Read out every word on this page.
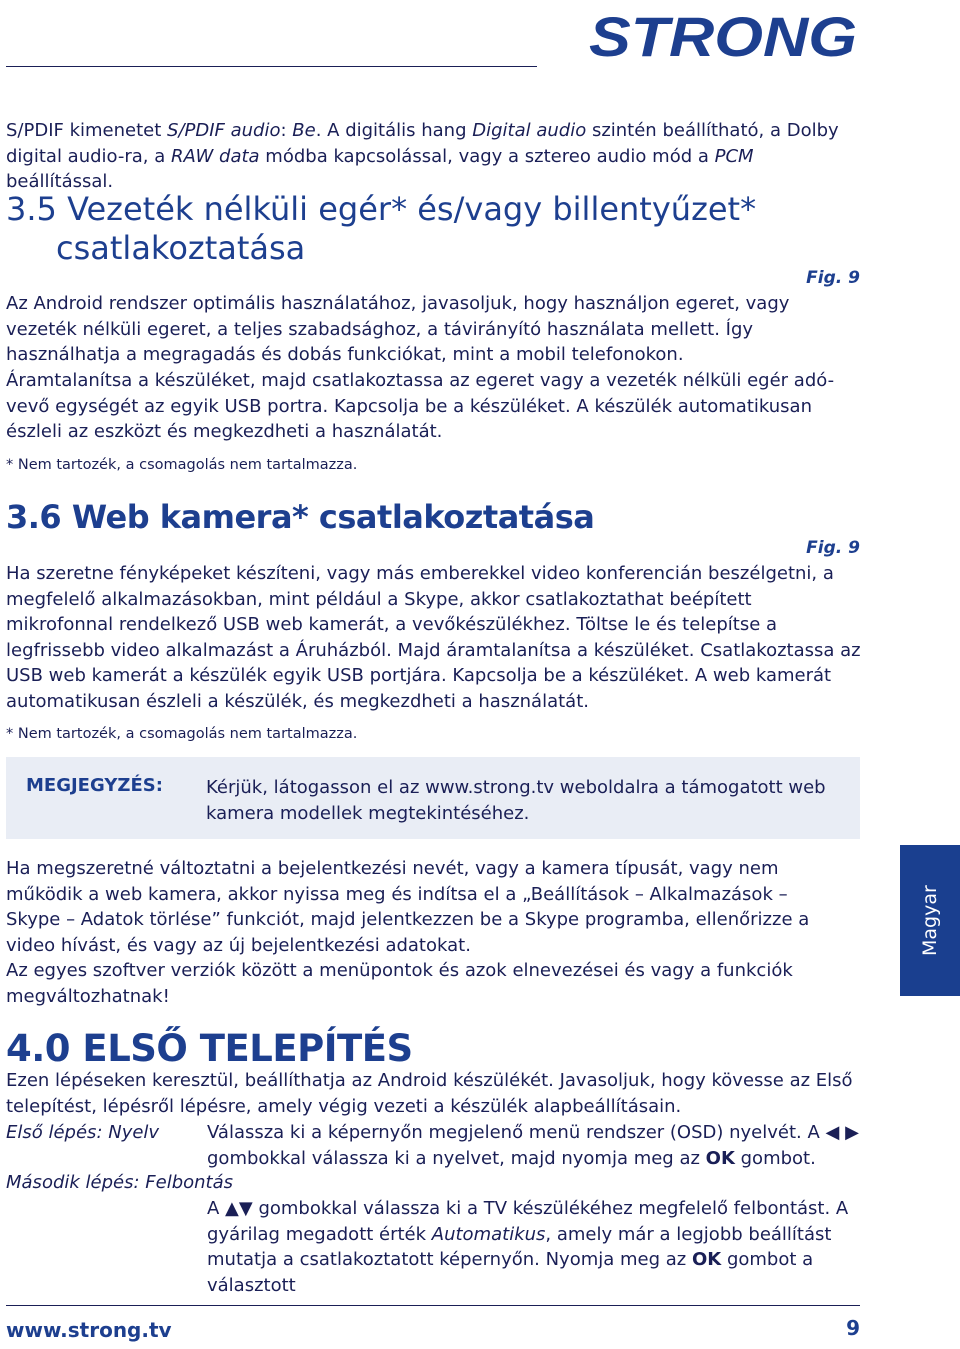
STRONG

S/PDIF kimenetet S/PDIF audio: Be. A digitális hang Digital audio szintén beállítható, a Dolby digital audio-ra, a RAW data módba kapcsolással, vagy a sztereo audio mód a PCM beállítással.

3.5 Vezeték nélküli egér* és/vagy billentyűzet*
csatlakoztatása
Fig. 9

Az Android rendszer optimális használatához, javasoljuk, hogy használjon egeret, vagy vezeték nélküli egeret, a teljes szabadsághoz, a távirányító használata mellett. Így használhatja a megragadás és dobás funkciókat, mint a mobil telefonokon.

Áramtalanítsa a készüléket, majd csatlakoztassa az egeret vagy a vezeték nélküli egér adó-vevő egységét az egyik USB portra. Kapcsolja be a készüléket. A készülék automatikusan észleli az eszközt és megkezdheti a használatát.

* Nem tartozék, a csomagolás nem tartalmazza.
3.6 Web kamera* csatlakoztatása
Fig. 9

Ha szeretne fényképeket készíteni, vagy más emberekkel video konferencián beszélgetni, a megfelelő alkalmazásokban, mint például a Skype, akkor csatlakoztathat beépített mikrofonnal rendelkező USB web kamerát, a vevőkészülékhez. Töltse le és telepítse a legfrissebb video alkalmazást a Áruházból. Majd áramtalanítsa a készüléket. Csatlakoztassa az USB web kamerát a készülék egyik USB portjára. Kapcsolja be a készüléket. A web kamerát automatikusan észleli a készülék, és megkezdheti a használatát.

* Nem tartozék, a csomagolás nem tartalmazza.
MEGJEGYZÉS: Kérjük, látogasson el az www.strong.tv weboldalra a támogatott web kamera modellek megtekintéséhez.

Ha megszeretné változtatni a bejelentkezési nevét, vagy a kamera típusát, vagy nem működik a web kamera, akkor nyissa meg és indítsa el a „Beállítások – Alkalmazások – Skype – Adatok törlése” funkciót, majd jelentkezzen be a Skype programba, ellenőrizze a video hívást, és vagy az új bejelentkezési adatokat.

Az egyes szoftver verziók között a menüpontok és azok elnevezései és vagy a funkciók megváltozhatnak!

Magyar
4.0 ELSŐ TELEPÍTÉS

Ezen lépéseken keresztül, beállíthatja az Android készülékét. Javasoljuk, hogy kövesse az Első telepítést, lépésről lépésre, amely végig vezeti a készülék alapbeállításain.

Első lépés: Nyelv	Válassza ki a képernyőn megjelenő menü rendszer (OSD) nyelvét. A ◀ ▶ gombokkal válassza ki a nyelvet, majd nyomja meg az OK gombot.
Második lépés: Felbontás
A ▲▼ gombokkal válassza ki a TV készülékéhez megfelelő felbontást. A gyárilag megadott érték Automatikus, amely már a legjobb beállítást mutatja a csatlakoztatott képernyőn. Nyomja meg az OK gombot a választott
www.strong.tv	9
